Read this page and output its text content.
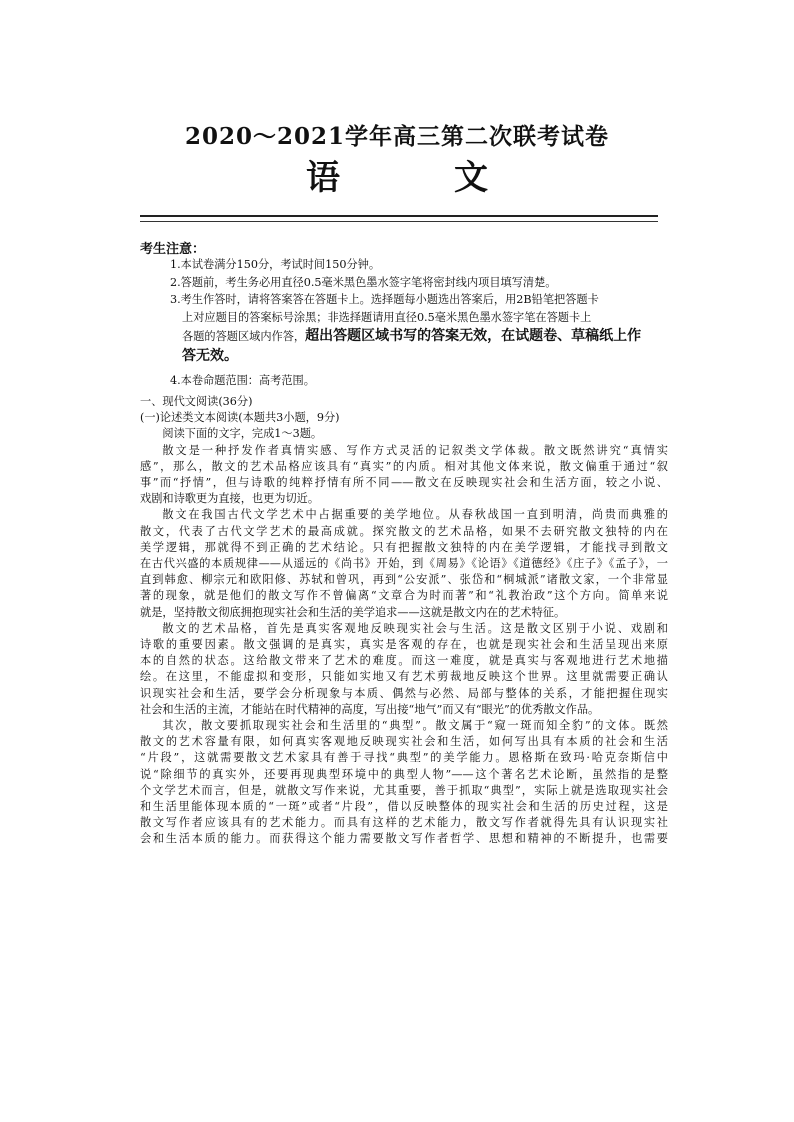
2020～2021学年高三第二次联考试卷
语　文
考生注意：

1.本试卷满分150分，考试时间150分钟。

2.答题前，考生务必用直径0.5毫米黑色墨水签字笔将密封线内项目填写清楚。

3.考生作答时，请将答案答在答题卡上。选择题每小题选出答案后，用2B铅笔把答题卡

上对应题目的答案标号涂黑；非选择题请用直径0.5毫米黑色墨水签字笔在答题卡上

各题的答题区域内作答，超出答题区域书写的答案无效，在试题卷、草稿纸上作

答无效。

4.本卷命题范围：高考范围。

一、现代文阅读(36分)

(一)论述类文本阅读(本题共3小题，9分)

阅读下面的文字，完成1～3题。

散文是一种抒发作者真情实感、写作方式灵活的记叙类文学体裁。散文既然讲究“真情实

感”，那么，散文的艺术品格应该具有“真实”的内质。相对其他文体来说，散文偏重于通过“叙

事”而“抒情”，但与诗歌的纯粹抒情有所不同——散文在反映现实社会和生活方面，较之小说、

戏剧和诗歌更为直接，也更为切近。

散文在我国古代文学艺术中占据重要的美学地位。从春秋战国一直到明清，尚贵而典雅的

散文，代表了古代文学艺术的最高成就。探究散文的艺术品格，如果不去研究散文独特的内在

美学逻辑，那就得不到正确的艺术结论。只有把握散文独特的内在美学逻辑，才能找寻到散文

在古代兴盛的本质规律——从遥远的《尚书》开始，到《周易》《论语》《道德经》《庄子》《孟子》，一

直到韩愈、柳宗元和欧阳修、苏轼和曾巩，再到“公安派”、张岱和“桐城派”诸散文家，一个非常显

著的现象，就是他们的散文写作不曾偏离“文章合为时而著”和“礼教治政”这个方向。简单来说

就是，坚持散文彻底拥抱现实社会和生活的美学追求——这就是散文内在的艺术特征。

散文的艺术品格，首先是真实客观地反映现实社会与生活。这是散文区别于小说、戏剧和

诗歌的重要因素。散文强调的是真实，真实是客观的存在，也就是现实社会和生活呈现出来原

本的自然的状态。这给散文带来了艺术的难度。而这一难度，就是真实与客观地进行艺术地描

绘。在这里，不能虚拟和变形，只能如实地又有艺术剪裁地反映这个世界。这里就需要正确认

识现实社会和生活，要学会分析现象与本质、偶然与必然、局部与整体的关系，才能把握住现实

社会和生活的主流，才能站在时代精神的高度，写出接“地气”而又有“眼光”的优秀散文作品。

其次，散文要抓取现实社会和生活里的“典型”。散文属于“窥一斑而知全豹”的文体。既然

散文的艺术容量有限，如何真实客观地反映现实社会和生活，如何写出具有本质的社会和生活

“片段”，这就需要散文艺术家具有善于寻找“典型”的美学能力。恩格斯在致玛·哈克奈斯信中

说“除细节的真实外，还要再现典型环境中的典型人物”——这个著名艺术论断，虽然指的是整

个文学艺术而言，但是，就散文写作来说，尤其重要，善于抓取“典型”，实际上就是选取现实社会

和生活里能体现本质的“一斑”或者“片段”，借以反映整体的现实社会和生活的历史过程，这是

散文写作者应该具有的艺术能力。而具有这样的艺术能力，散文写作者就得先具有认识现实社

会和生活本质的能力。而获得这个能力需要散文写作者哲学、思想和精神的不断提升，也需要
